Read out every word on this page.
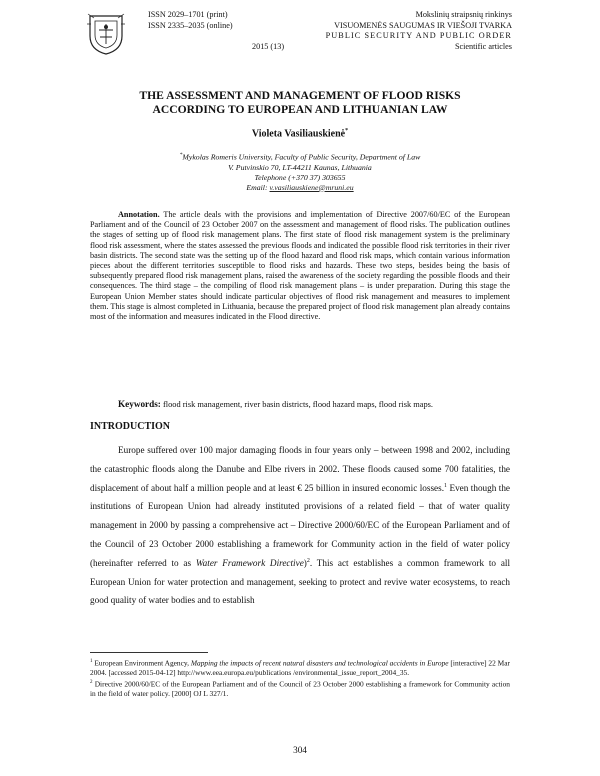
ISSN 2029–1701 (print)
ISSN 2335–2035 (online)
Mokslinių straipsnių rinkinys
VISUOMENĖS SAUGUMAS IR VIEŠOJI TVARKA
PUBLIC SECURITY AND PUBLIC ORDER
2015 (13)	Scientific articles
THE ASSESSMENT AND MANAGEMENT OF FLOOD RISKS
ACCORDING TO EUROPEAN AND LITHUANIAN LAW
Violeta Vasiliauskienė*
*Mykolas Romeris University, Faculty of Public Security, Department of Law
V. Putvinskio 70, LT-44211 Kaunas, Lithuania
Telephone (+370 37) 303655
Email: v.vasiliauskiene@mruni.eu
Annotation. The article deals with the provisions and implementation of Directive 2007/60/EC of the European Parliament and of the Council of 23 October 2007 on the assessment and management of flood risks. The publication outlines the stages of setting up of flood risk management plans. The first state of flood risk management system is the preliminary flood risk assessment, where the states assessed the previous floods and indicated the possible flood risk territories in their river basin districts. The second state was the setting up of the flood hazard and flood risk maps, which contain various information pieces about the different territories susceptible to flood risks and hazards. These two steps, besides being the basis of subsequently prepared flood risk management plans, raised the awareness of the society regarding the possible floods and their consequences. The third stage – the compiling of flood risk management plans – is under preparation. During this stage the European Union Member states should indicate particular objectives of flood risk management and measures to implement them. This stage is almost completed in Lithuania, because the prepared project of flood risk management plan already contains most of the information and measures indicated in the Flood directive.
Keywords: flood risk management, river basin districts, flood hazard maps, flood risk maps.
INTRODUCTION
Europe suffered over 100 major damaging floods in four years only – between 1998 and 2002, including the catastrophic floods along the Danube and Elbe rivers in 2002. These floods caused some 700 fatalities, the displacement of about half a million people and at least € 25 billion in insured economic losses.$^1$ Even though the institutions of European Union had already instituted provisions of a related field – that of water quality management in 2000 by passing a comprehensive act – Directive 2000/60/EC of the European Parliament and of the Council of 23 October 2000 establishing a framework for Community action in the field of water policy (hereinafter referred to as Water Framework Directive)$^2$. This act establishes a common framework to all European Union for water protection and management, seeking to protect and revive water ecosystems, to reach good quality of water bodies and to establish

$^1$ European Environment Agency, Mapping the impacts of recent natural disasters and technological accidents in Europe [interactive] 22 Mar 2004. [accessed 2015-04-12] http://www.eea.europa.eu/publications /environmental_issue_report_2004_35.

$^2$ Directive 2000/60/EC of the European Parliament and of the Council of 23 October 2000 establishing a framework for Community action in the field of water policy. [2000] OJ L 327/1.

304
